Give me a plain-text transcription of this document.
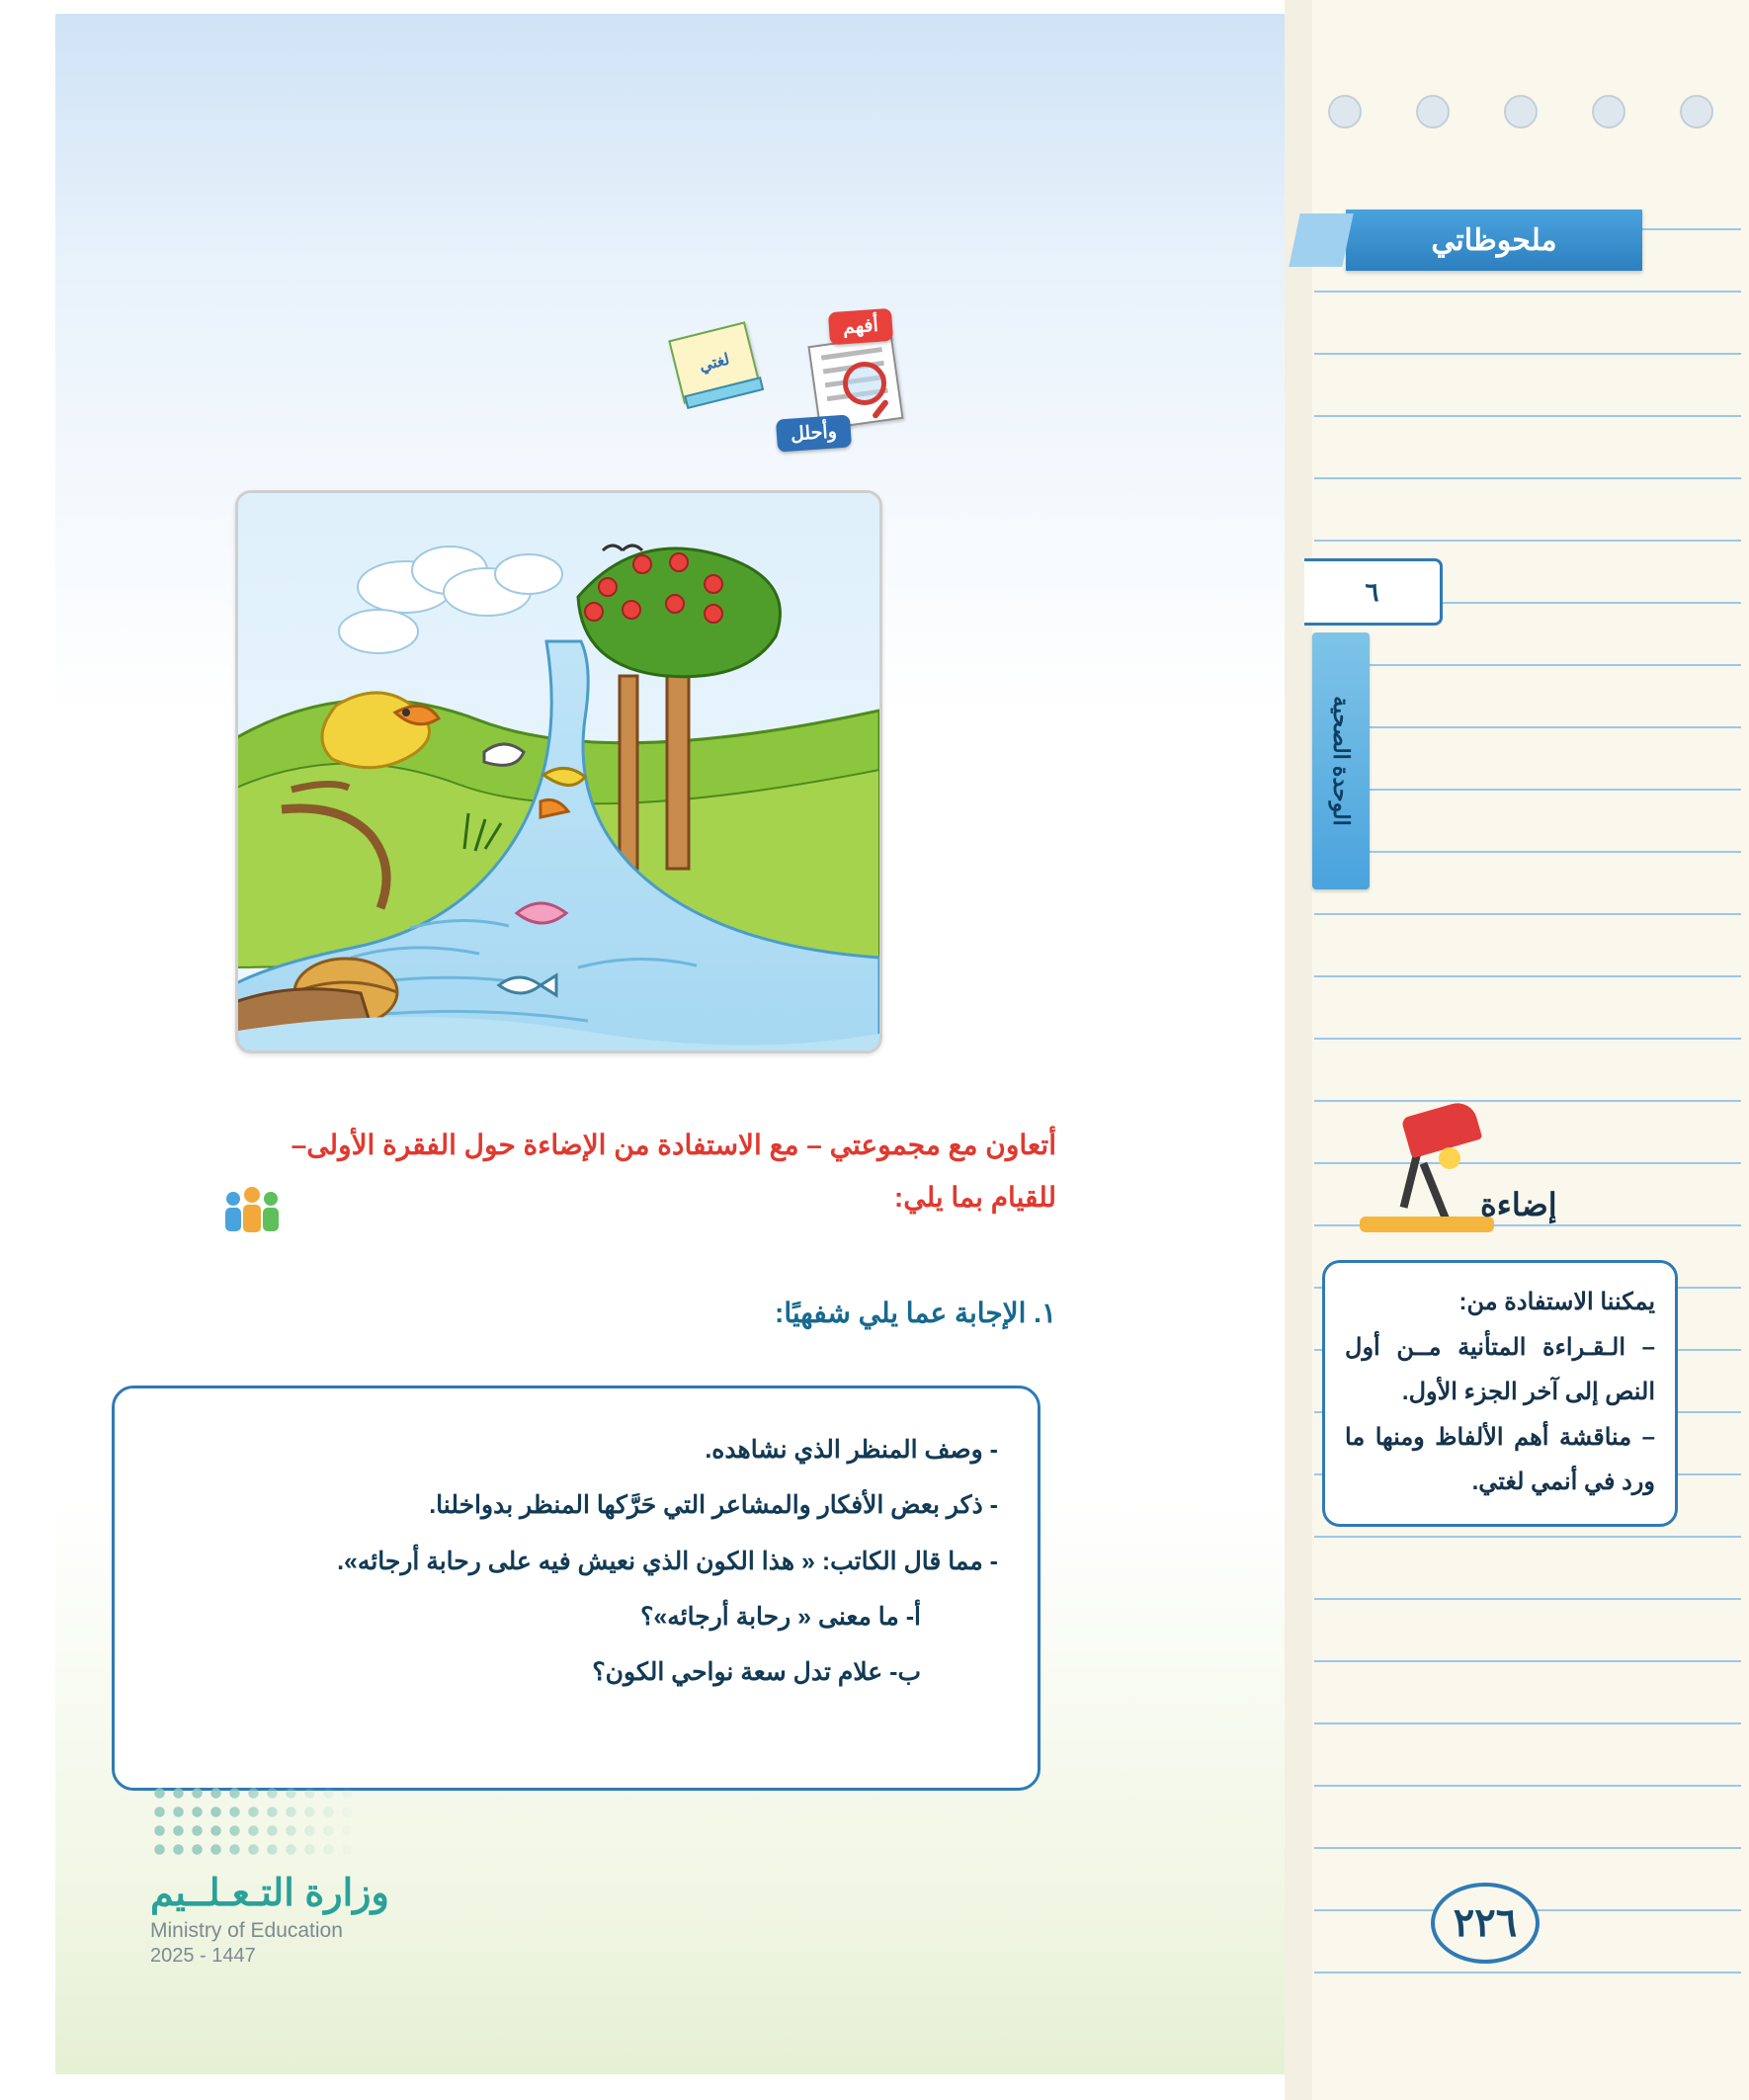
لغتي
أفهم
وأحلل
أتعاون مع مجموعتي – مع الاستفادة من الإضاءة حول الفقرة الأولى–
للقيام بما يلي:
١. الإجابة عما يلي شفهيًا:

- وصف المنظر الذي نشاهده.

- ذكر بعض الأفكار والمشاعر التي حَرَّكها المنظر بدواخلنا.

- مما قال الكاتب: « هذا الكون الذي نعيش فيه على رحابة أرجائه».

أ- ما معنى « رحابة أرجائه»؟

ب- علام تدل سعة نواحي الكون؟

وزارة التـعـلــيم
Ministry of Education
2025 - 1447
ملحوظاتي
٦
الوحدة الصحية
إضاءة

يمكننا الاستفادة من:

– الـقـراءة المتأنية مــن أول النص إلى آخر الجزء الأول.

– مناقشة أهم الألفاظ ومنها ما ورد في أنمي لغتي.

٢٢٦
